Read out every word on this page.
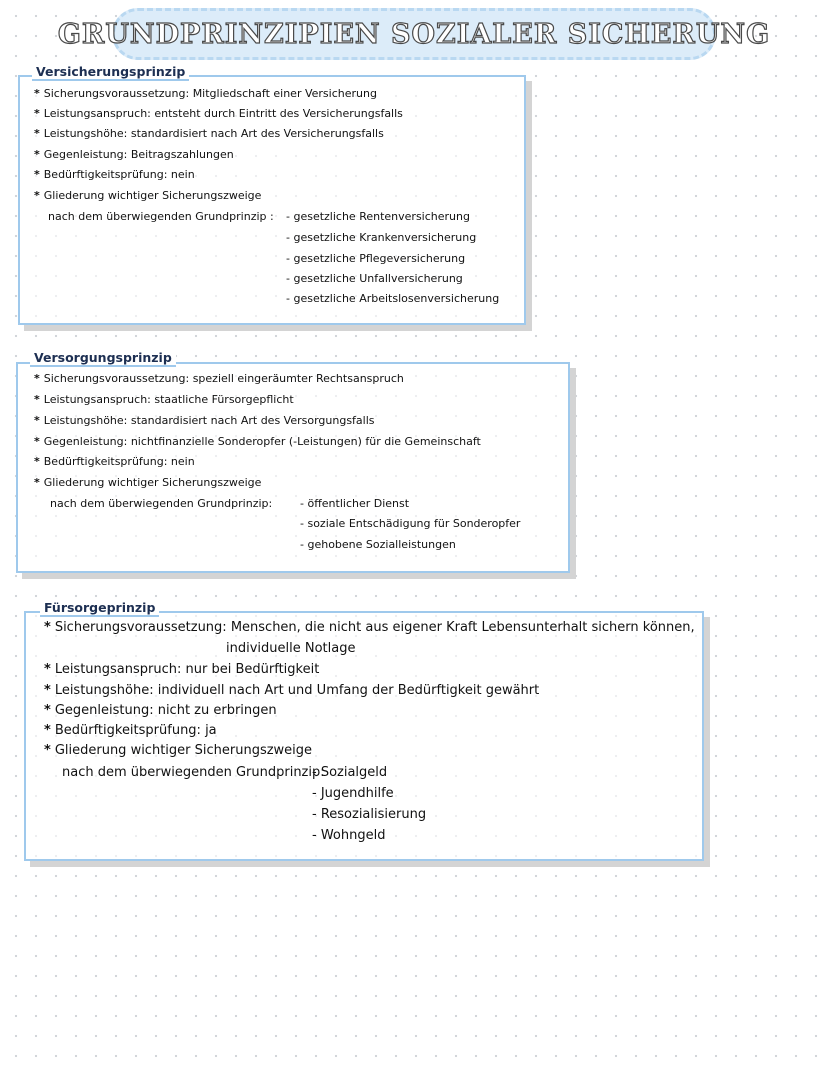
GRUNDPRINZIPIEN SOZIALER SICHERUNG
Versicherungsprinzip
* Sicherungsvoraussetzung: Mitgliedschaft einer Versicherung
* Leistungsanspruch: entsteht durch Eintritt des Versicherungsfalls
* Leistungshöhe: standardisiert nach Art des Versicherungsfalls
* Gegenleistung: Beitragszahlungen
* Bedürftigkeitsprüfung: nein
* Gliederung wichtiger Sicherungszweige
nach dem überwiegenden Grundprinzip : - gesetzliche Rentenversicherung
- gesetzliche Krankenversicherung
- gesetzliche Pflegeversicherung
- gesetzliche Unfallversicherung
- gesetzliche Arbeitslosenversicherung
Versorgungsprinzip
* Sicherungsvoraussetzung: speziell eingeräumter Rechtsanspruch
* Leistungsanspruch: staatliche Fürsorgepflicht
* Leistungshöhe: standardisiert nach Art des Versorgungsfalls
* Gegenleistung: nichtfinanzielle Sonderopfer (-Leistungen) für die Gemeinschaft
* Bedürftigkeitsprüfung: nein
* Gliederung wichtiger Sicherungszweige
nach dem überwiegenden Grundprinzip:	- öffentlicher Dienst
- soziale Entschädigung für Sonderopfer
- gehobene Sozialleistungen
Fürsorgeprinzip
* Sicherungsvoraussetzung: Menschen, die nicht aus eigener Kraft Lebensunterhalt sichern können,
individuelle Notlage
* Leistungsanspruch: nur bei Bedürftigkeit
* Leistungshöhe: individuell nach Art und Umfang der Bedürftigkeit gewährt
* Gegenleistung: nicht zu erbringen
* Bedürftigkeitsprüfung: ja
* Gliederung wichtiger Sicherungszweige
nach dem überwiegenden Grundprinzip:
- Sozialgeld
- Jugendhilfe
- Resozialisierung
- Wohngeld
